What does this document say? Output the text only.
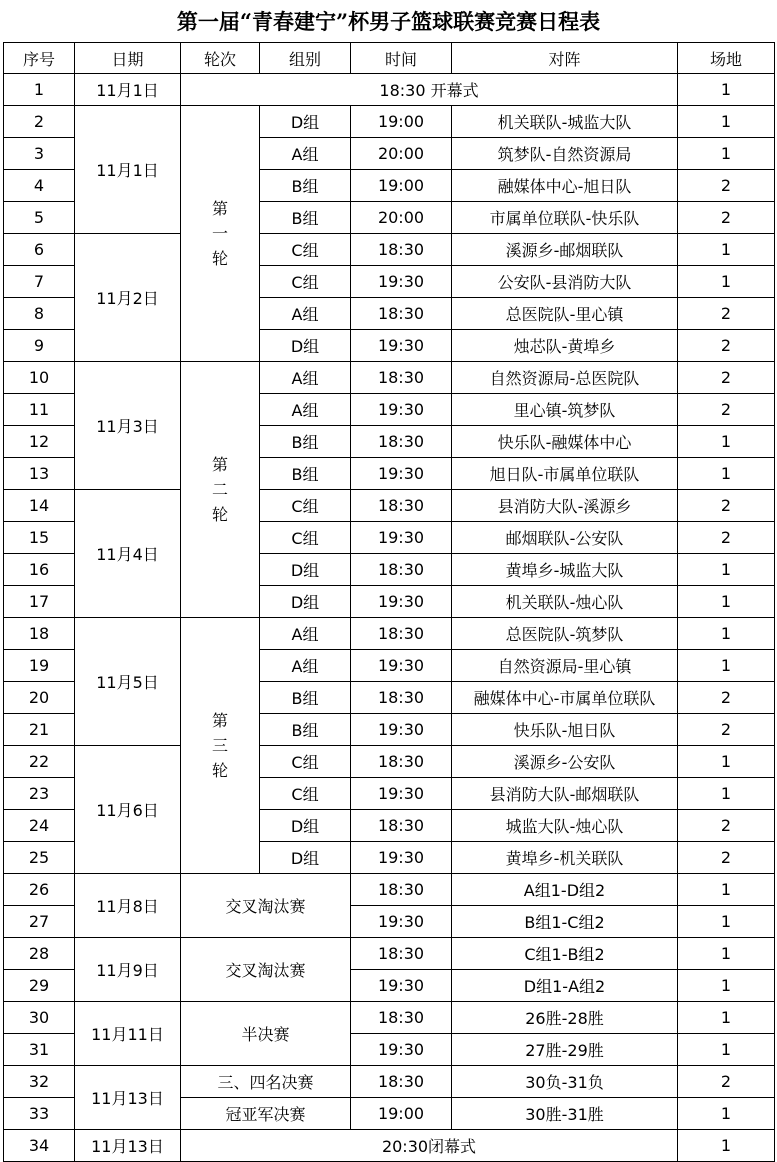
第一届“青春建宁”杯男子篮球联赛竞赛日程表
序号	日期	轮次	组别	时间	对阵	场地
1	11月1日	18:30 开幕式				1
2	11月1日	第
一
轮	D组	19:00	机关联队-城监大队	1
3			A组	20:00	筑梦队-自然资源局	1
4			B组	19:00	融媒体中心-旭日队	2
5			B组	20:00	市属单位联队-快乐队	2
6	11月2日		C组	18:30	溪源乡-邮烟联队	1
7			C组	19:30	公安队-县消防大队	1
8			A组	18:30	总医院队-里心镇	2
9			D组	19:30	烛芯队-黄埠乡	2
10	11月3日	第
二
轮	A组	18:30	自然资源局-总医院队	2
11			A组	19:30	里心镇-筑梦队	2
12			B组	18:30	快乐队-融媒体中心	1
13			B组	19:30	旭日队-市属单位联队	1
14	11月4日		C组	18:30	县消防大队-溪源乡	2
15			C组	19:30	邮烟联队-公安队	2
16			D组	18:30	黄埠乡-城监大队	1
17			D组	19:30	机关联队-烛心队	1
18	11月5日	第
三
轮	A组	18:30	总医院队-筑梦队	1
19			A组	19:30	自然资源局-里心镇	1
20			B组	18:30	融媒体中心-市属单位联队	2
21			B组	19:30	快乐队-旭日队	2
22	11月6日		C组	18:30	溪源乡-公安队	1
23			C组	19:30	县消防大队-邮烟联队	1
24			D组	18:30	城监大队-烛心队	2
25			D组	19:30	黄埠乡-机关联队	2
26	11月8日	交叉淘汰赛		18:30	A组1-D组2	1
27				19:30	B组1-C组2	1
28	11月9日	交叉淘汰赛		18:30	C组1-B组2	1
29				19:30	D组1-A组2	1
30	11月11日	半决赛		18:30	26胜-28胜	1
31				19:30	27胜-29胜	1
32	11月13日	三、四名决赛		18:30	30负-31负	2
33		冠亚军决赛		19:00	30胜-31胜	1
34	11月13日	20:30闭幕式				1
